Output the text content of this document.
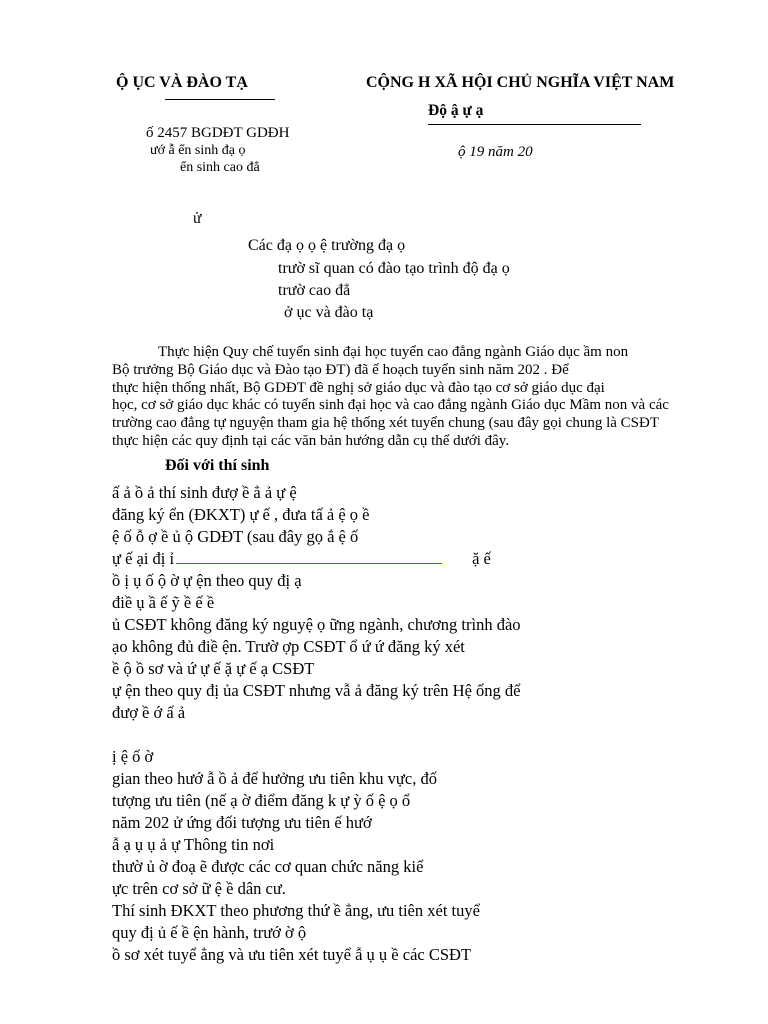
Ộ ỤC VÀ ĐÀO TẠ	CỘNG H XÃ HỘI CHỦ NGHĨA VIỆT NAM
Độ ậ ự ạ
ố 2457 BGDĐT GDĐH
ướ ẫ ển sinh đạ ọ
ển sinh cao đẳ
ộ 19 năm 20
ử
Các đạ ọ ọ ệ trường đạ ọ
trườ sĩ quan có đào tạo trình độ đạ ọ
trườ cao đẳ
ở ục và đào tạ

Thực hiện Quy chế tuyển sinh đại học tuyển cao đẳng ngành Giáo dục ầm non

Bộ trưởng Bộ Giáo dục và Đào tạo ĐT) đã ế hoạch tuyển sinh năm 202 . Để
thực hiện thống nhất, Bộ GDĐT đề nghị sở giáo dục và đào tạo cơ sở giáo dục đại
học, cơ sở giáo dục khác có tuyển sinh đại học và cao đẳng ngành Giáo dục Mầm non và các
trường cao đẳng tự nguyện tham gia hệ thống xét tuyển chung (sau đây gọi chung là CSĐT
thực hiện các quy định tại các văn bản hướng dẫn cụ thể dưới đây.
Đối với thí sinh
ấ ả ồ ả thí sinh đượ ề ẳ ả ự ệ
đăng ký ển (ĐKXT) ự ế , đưa tấ ả ệ ọ ề
ệ ố ỗ ợ ề ủ ộ GDĐT (sau đây gọ ắ ệ ố
ự ế ại đị ỉ	ặ ế
ồ ị ụ ố ộ ờ ự ện theo quy đị ạ
điề ụ ầ ế ỹ ề ế ề
ủ CSĐT không đăng ký nguyệ ọ ững ngành, chương trình đào
ạo không đủ điề ện. Trườ ợp CSĐT ổ ứ ứ đăng ký xét
ề ộ ồ sơ và ứ ự ế ặ ự ế ạ CSĐT
ự ện theo quy đị ủa CSĐT nhưng vẫ ả đăng ký trên Hệ ống để
đượ ề ớ ấ ả
ị ệ ố ờ
gian theo hướ ẫ ồ ả để hưởng ưu tiên khu vực, đố
tượng ưu tiên (nế ạ ờ điểm đăng k ự ỳ ố ệ ọ ổ
năm 202 ử ứng đối tượng ưu tiên ế hướ
ẫ ạ ụ ụ ả ự Thông tin nơi
thườ ủ ờ đoạ ẽ được các cơ quan chức năng kiể
ực trên cơ sở ữ ệ ề dân cư.
Thí sinh ĐKXT theo phương thứ ề ẳng, ưu tiên xét tuyể
quy đị ủ ế ề ện hành, trướ ờ ộ
ồ sơ xét tuyể ẳng và ưu tiên xét tuyể ẫ ụ ụ ề các CSĐT
